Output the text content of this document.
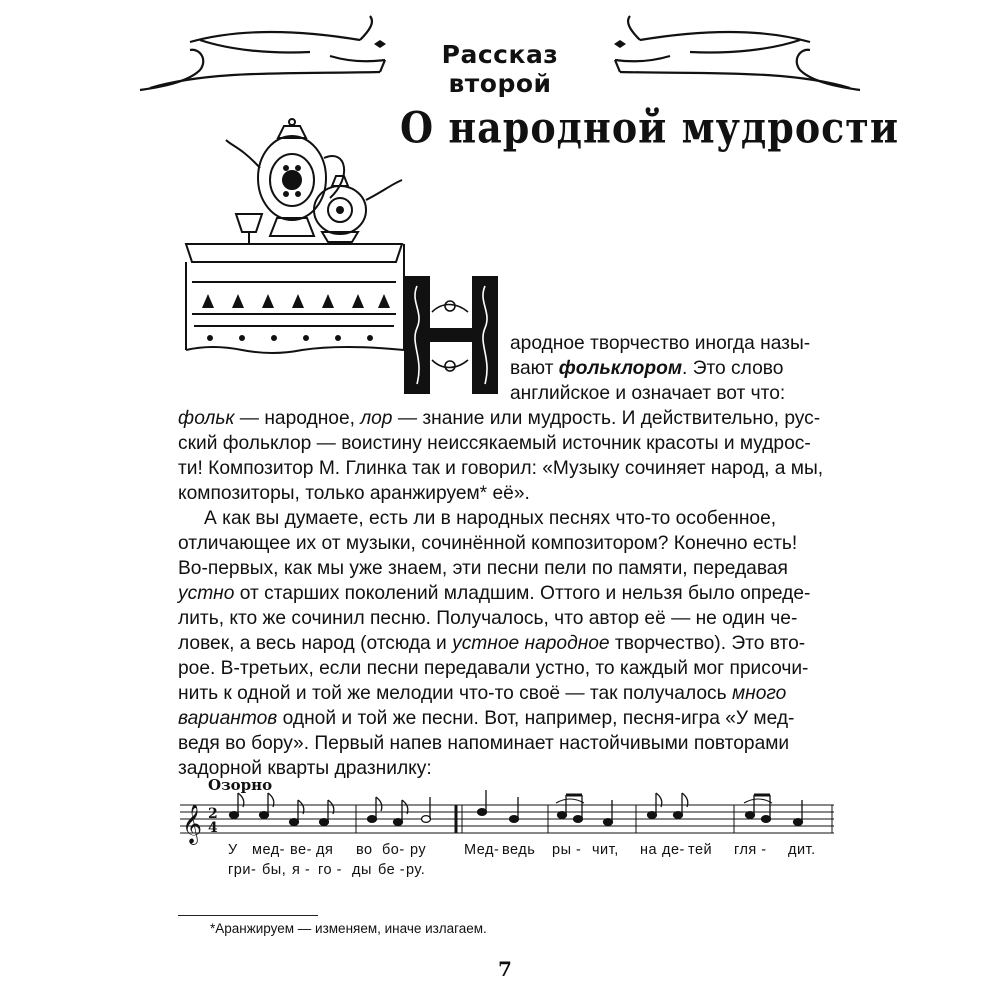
Рассказ второй
О народной мудрости
Н
ародное творчество иногда назы-
вают фольклором. Это слово
английское и означает вот что:
фольк — народное, лор — знание или мудрость. И действительно, рус-
ский фольклор — воистину неиссякаемый источник красоты и мудрос-
ти! Композитор М. Глинка так и говорил: «Музыку сочиняет народ, а мы,
композиторы, только аранжируем* её».
А как вы думаете, есть ли в народных песнях что-то особенное,
отличающее их от музыки, сочинённой композитором? Конечно есть!
Во-первых, как мы уже знаем, эти песни пели по памяти, передавая
устно от старших поколений младшим. Оттого и нельзя было опреде-
лить, кто же сочинил песню. Получалось, что автор её — не один че-
ловек, а весь народ (отсюда и устное народное творчество). Это вто-
рое. В-третьих, если песни передавали устно, то каждый мог присочи-
нить к одной и той же мелодии что-то своё — так получалось много
вариантов одной и той же песни. Вот, например, песня-игра «У мед-
ведя во бору». Первый напев напоминает настойчивыми повторами
задорной кварты дразнилку:
Озорно
𝄞 2
4
У мед- ве- дя во бо- ру	Мед- ведь ры - чит, на де- тей гля - дит.
гри- бы, я - го - ды бе - ру.
*Аранжируем — изменяем, иначе излагаем.
7
